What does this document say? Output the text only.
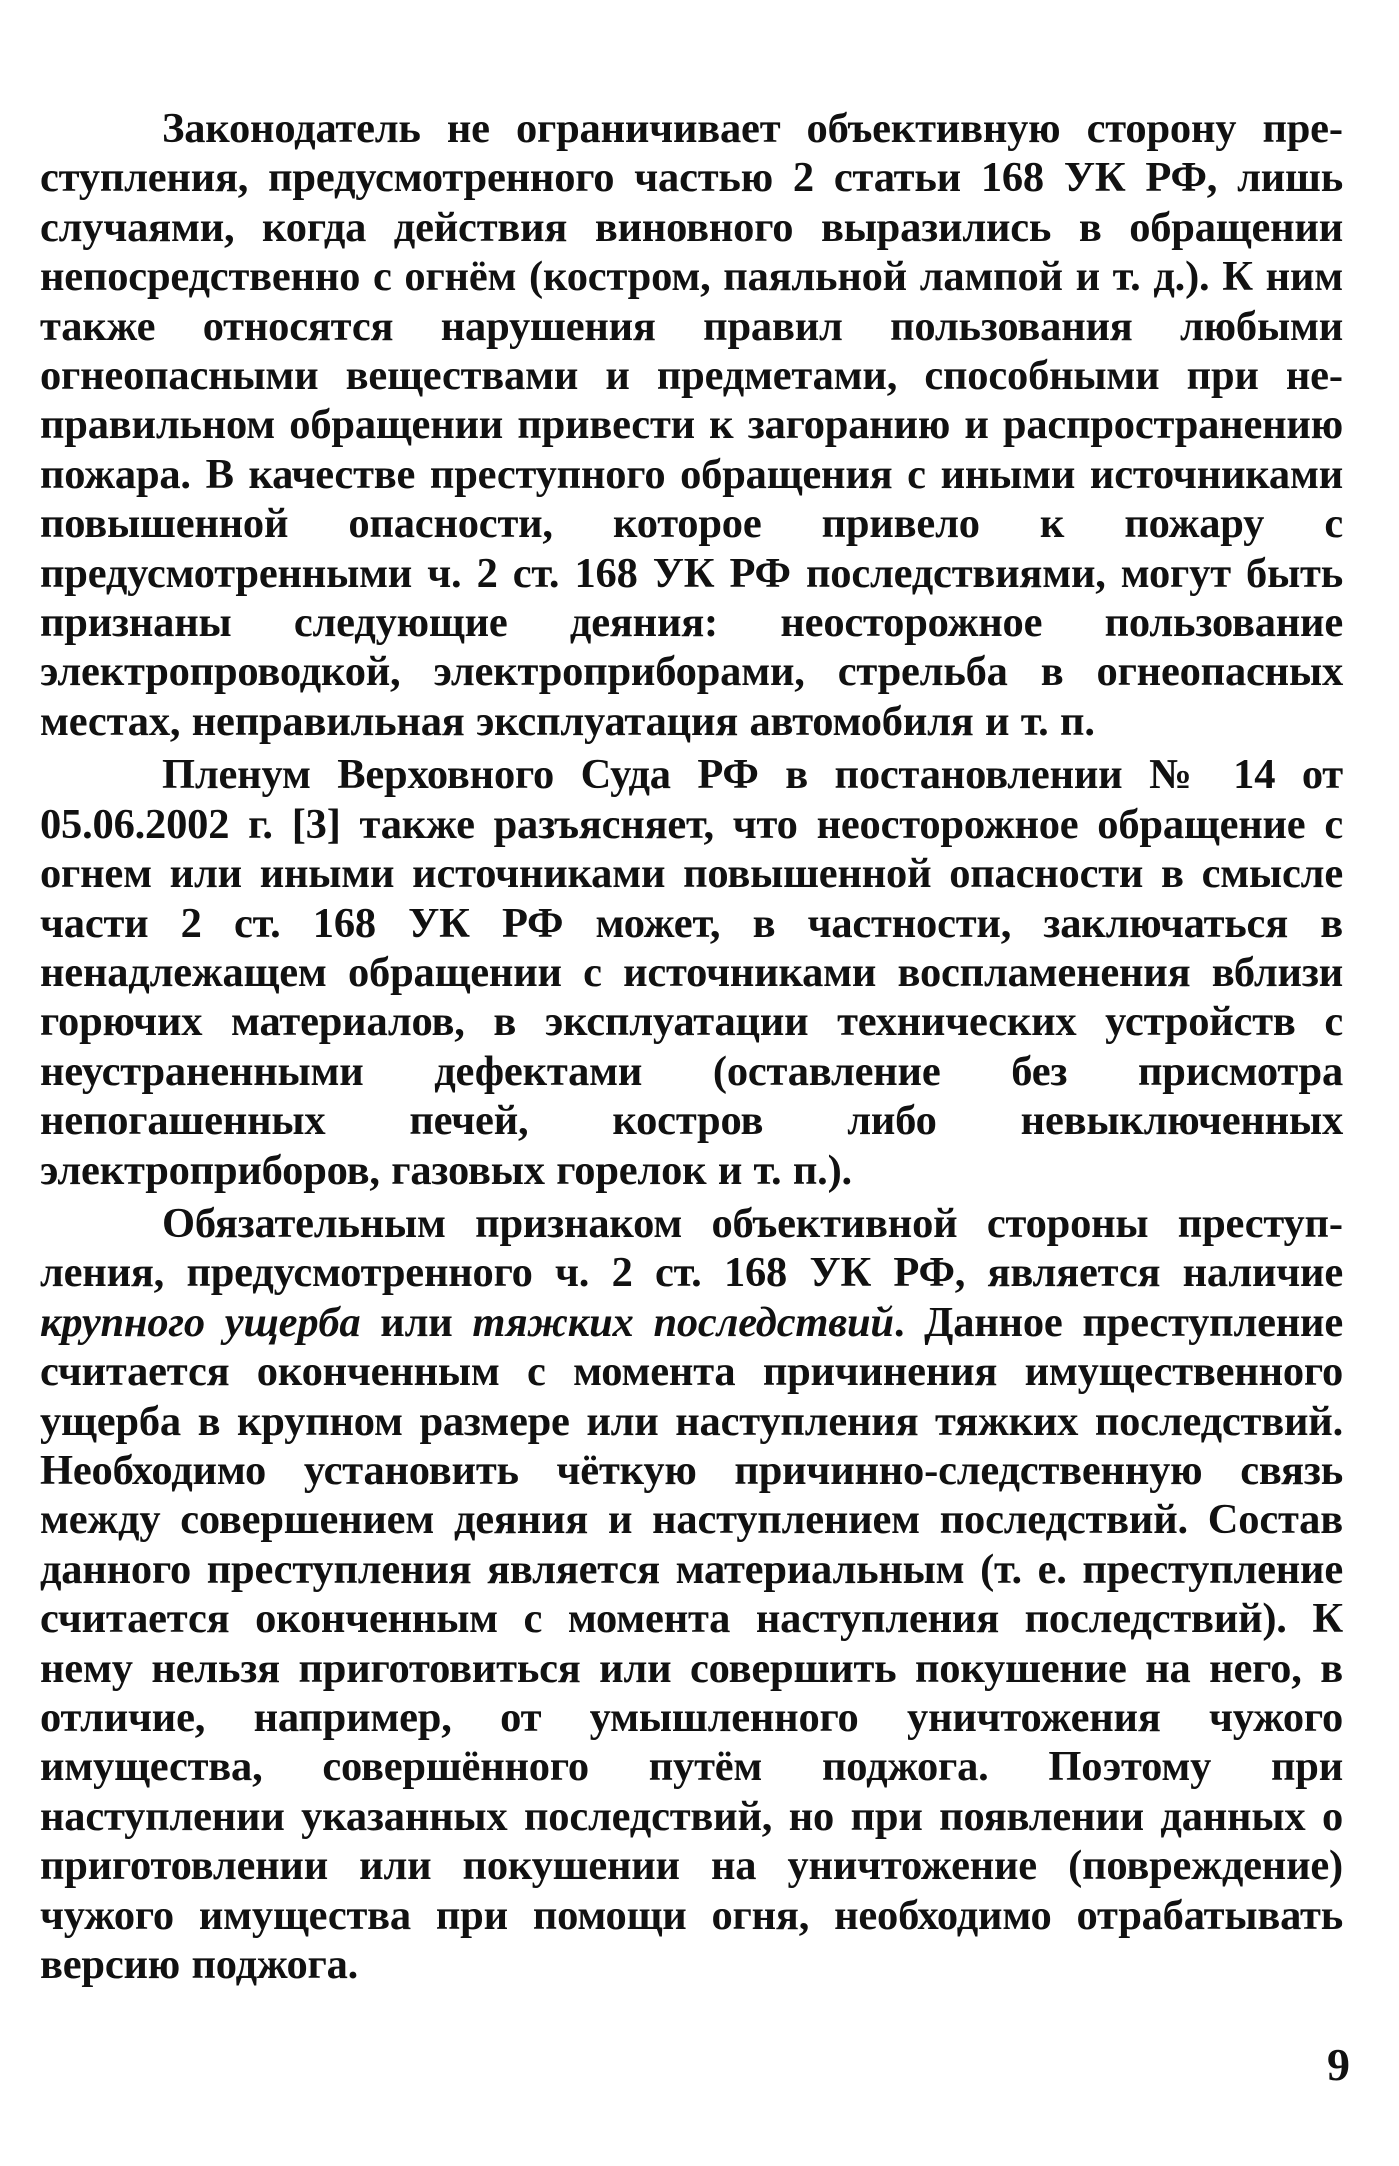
Законодатель не ограничивает объективную сторону преступления, предусмотренного частью 2 статьи 168 УК РФ, лишь случаями, когда действия виновного выразились в обращении непосредственно с огнём (костром, паяльной лампой и т. д.). К ним также относятся нарушения правил пользования любыми огнеопасными веществами и предметами, способными при неправильном обращении привести к загоранию и распространению пожара. В качестве преступного обращения с иными источниками повышенной опасности, которое привело к пожару с предусмотренными ч. 2 ст. 168 УК РФ последствиями, могут быть признаны следующие деяния: неосторожное пользование электропроводкой, электроприборами, стрельба в огнеопасных местах, неправильная эксплуатация автомобиля и т. п.

Пленум Верховного Суда РФ в постановлении № 14 от 05.06.2002 г. [3] также разъясняет, что неосторожное обращение с огнем или иными источниками повышенной опасности в смысле части 2 ст. 168 УК РФ может, в частности, заключаться в ненадлежащем обращении с источниками воспламенения вблизи горючих материалов, в эксплуатации технических устройств с неустраненными дефектами (оставление без присмотра непогашенных печей, костров либо невыключенных электроприборов, газовых горелок и т. п.).

Обязательным признаком объективной стороны преступления, предусмотренного ч. 2 ст. 168 УК РФ, является наличие крупного ущерба или тяжких последствий. Данное преступление считается оконченным с момента причинения имущественного ущерба в крупном размере или наступления тяжких последствий. Необходимо установить чёткую причинно-следственную связь между совершением деяния и наступлением последствий. Состав данного преступления является материальным (т. е. преступление считается оконченным с момента наступления последствий). К нему нельзя приготовиться или совершить покушение на него, в отличие, например, от умышленного уничтожения чужого имущества, совершённого путём поджога. Поэтому при наступлении указанных последствий, но при появлении данных о приготовлении или покушении на уничтожение (повреждение) чужого имущества при помощи огня, необходимо отрабатывать версию поджога.

9
